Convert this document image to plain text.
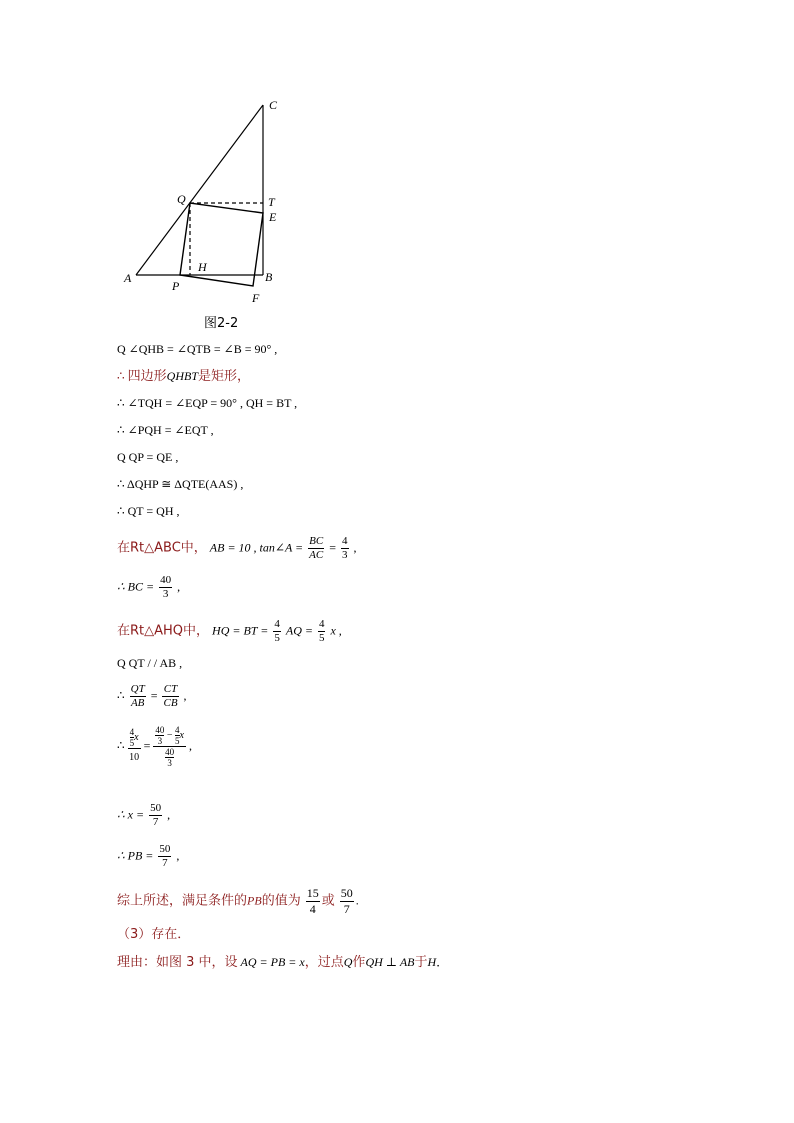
C
Q	T
E
H
A
P
B
F
图2-2
Q ∠QHB = ∠QTB = ∠B = 90° ,
∴ 四边形QHBT是矩形，
∴ ∠TQH = ∠EQP = 90° , QH = BT ,
∴ ∠PQH = ∠EQT ,
Q QP = QE ,
∴ ΔQHP ≅ ΔQTE(AAS) ,
∴ QT = QH ,
在Rt△ABC中， AB = 10 , tan∠A = $\frac{BC}{AC} = \frac{4}{3}$ ,
∴ BC = $\frac{40}{3}$ ,
在Rt△AHQ中， HQ = BT = $\frac{4}{5}$ AQ = $\frac{4}{5}$ x ,
Q QT / / AB ,
∴ $\frac{QT}{AB} = \frac{CT}{CB}$ ,
∴ $\frac{\frac{4}{5} x}{10} = \frac{\frac{40}{3} - \frac{4}{5} x}{\frac{40}{3}}$ ,
∴ $x = \frac{50}{7}$ ,
∴ PB = $\frac{50}{7}$ ,
综上所述，满足条件的PB的值为 $\frac{15}{4}$ 或 $\frac{50}{7}$ .
（3）存在．
理由：如图 3 中，设 AQ = PB = x，过点Q作QH ⊥ AB于H．
